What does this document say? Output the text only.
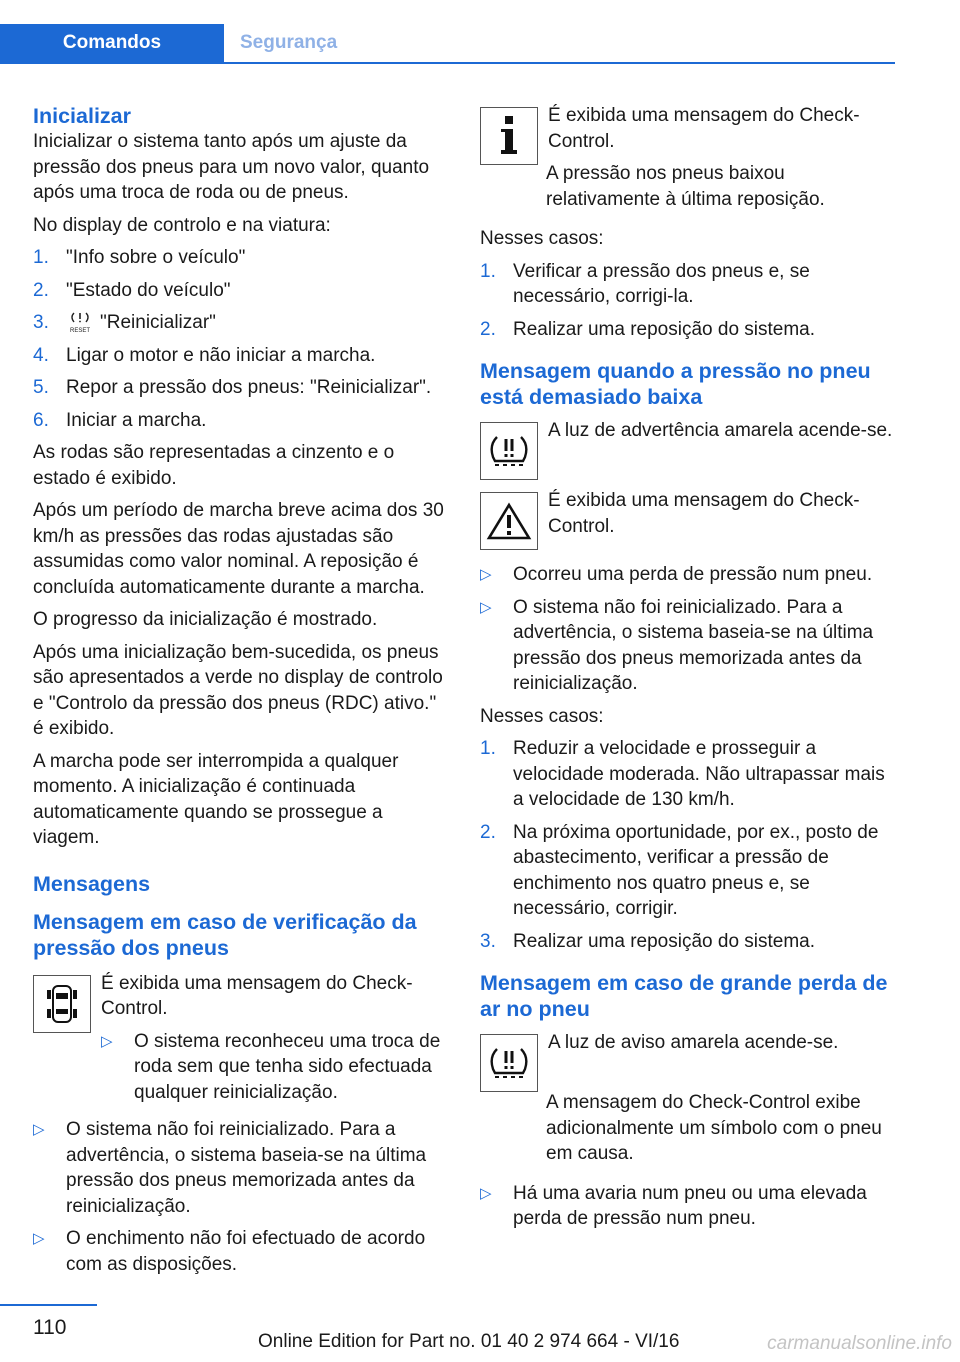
Comandos	Segurança
Inicializar

Inicializar o sistema tanto após um ajuste da pressão dos pneus para um novo valor, quanto após uma troca de roda ou de pneus.

No display de controlo e na viatura:

1. "Info sobre o veículo"
2. "Estado do veículo"
3.	RESET "Reinicializar"
4. Ligar o motor e não iniciar a marcha.
5. Repor a pressão dos pneus: "Reinicializar".
6. Iniciar a marcha.

As rodas são representadas a cinzento e o estado é exibido.

Após um período de marcha breve acima dos 30 km/h as pressões das rodas ajustadas são assumidas como valor nominal. A reposição é concluída automaticamente durante a marcha.

O progresso da inicialização é mostrado.

Após uma inicialização bem-sucedida, os pneus são apresentados a verde no display de controlo e "Controlo da pressão dos pneus (RDC) ativo." é exibido.

A marcha pode ser interrompida a qualquer momento. A inicialização é continuada automaticamente quando se prossegue a viagem.

Mensagens
Mensagem em caso de verificação da pressão dos pneus

É exibida uma mensagem do Check-Control.

▷	O sistema reconheceu uma troca de roda sem que tenha sido efectuada qualquer reinicialização.
▷	O sistema não foi reinicializado. Para a advertência, o sistema baseia-se na última pressão dos pneus memorizada antes da reinicialização.
▷	O enchimento não foi efectuado de acordo com as disposições.

É exibida uma mensagem do Check-Control.

A pressão nos pneus baixou relativamente à última reposição.

Nesses casos:

1. Verificar a pressão dos pneus e, se necessário, corrigi-la.
2. Realizar uma reposição do sistema.
Mensagem quando a pressão no pneu está demasiado baixa

A luz de advertência amarela acende-se.

É exibida uma mensagem do Check-Control.

▷	Ocorreu uma perda de pressão num pneu.
▷	O sistema não foi reinicializado. Para a advertência, o sistema baseia-se na última pressão dos pneus memorizada antes da reinicialização.

Nesses casos:

1. Reduzir a velocidade e prosseguir a velocidade moderada. Não ultrapassar mais a velocidade de 130 km/h.
2. Na próxima oportunidade, por ex., posto de abastecimento, verificar a pressão de enchimento nos quatro pneus e, se necessário, corrigir.
3. Realizar uma reposição do sistema.
Mensagem em caso de grande perda de ar no pneu

A luz de aviso amarela acende-se.

A mensagem do Check-Control exibe adicionalmente um símbolo com o pneu em causa.

▷	Há uma avaria num pneu ou uma elevada perda de pressão num pneu.
110
Online Edition for Part no. 01 40 2 974 664 - VI/16	carmanualsonline.info
